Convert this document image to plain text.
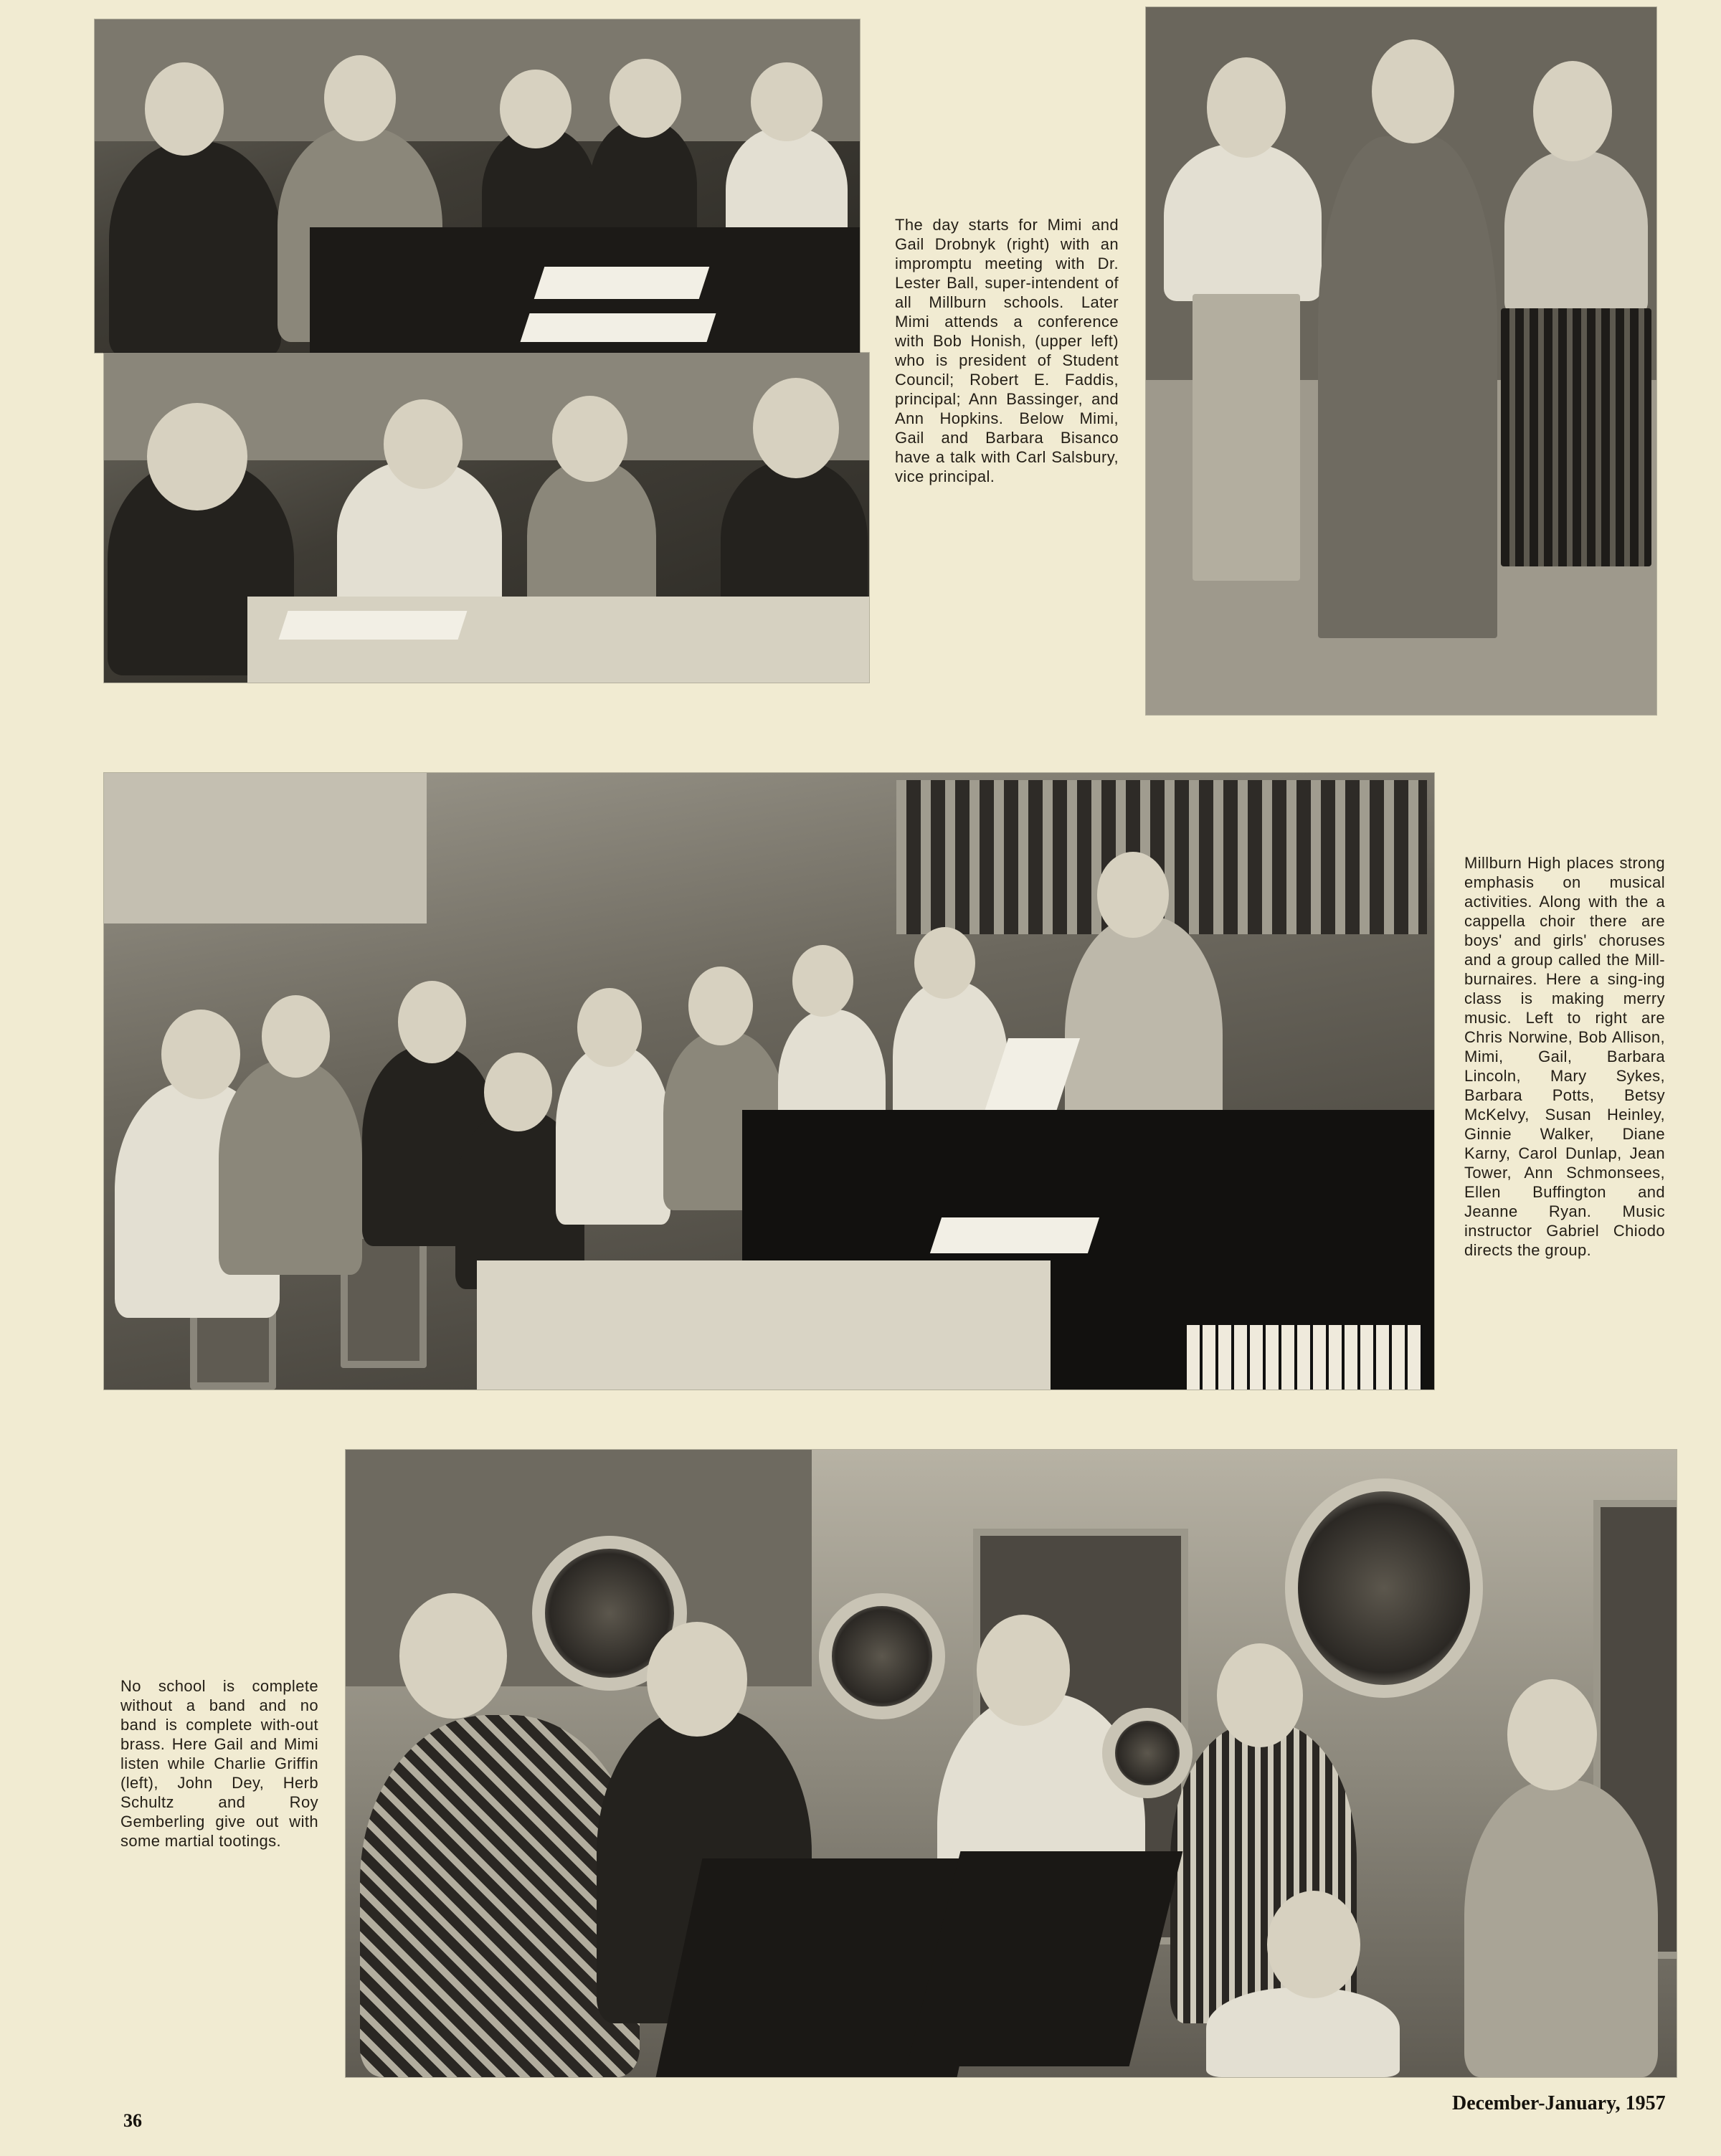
The day starts for Mimi and Gail Drobnyk (right) with an impromptu meeting with Dr. Lester Ball, super-intendent of all Millburn schools. Later Mimi attends a conference with Bob Honish, (upper left) who is president of Student Council; Robert E. Faddis, principal; Ann Bassinger, and Ann Hopkins. Below Mimi, Gail and Barbara Bisanco have a talk with Carl Salsbury, vice principal.

Millburn High places strong emphasis on musical activities. Along with the a cappella choir there are boys' and girls' choruses and a group called the Mill-burnaires. Here a sing-ing class is making merry music. Left to right are Chris Norwine, Bob Allison, Mimi, Gail, Barbara Lincoln, Mary Sykes, Barbara Potts, Betsy McKelvy, Susan Heinley, Ginnie Walker, Diane Karny, Carol Dunlap, Jean Tower, Ann Schmonsees, Ellen Buffington and Jeanne Ryan. Music instructor Gabriel Chiodo directs the group.

No school is complete without a band and no band is complete with-out brass. Here Gail and Mimi listen while Charlie Griffin (left), John Dey, Herb Schultz and Roy Gemberling give out with some martial tootings.

36
December-January, 1957
